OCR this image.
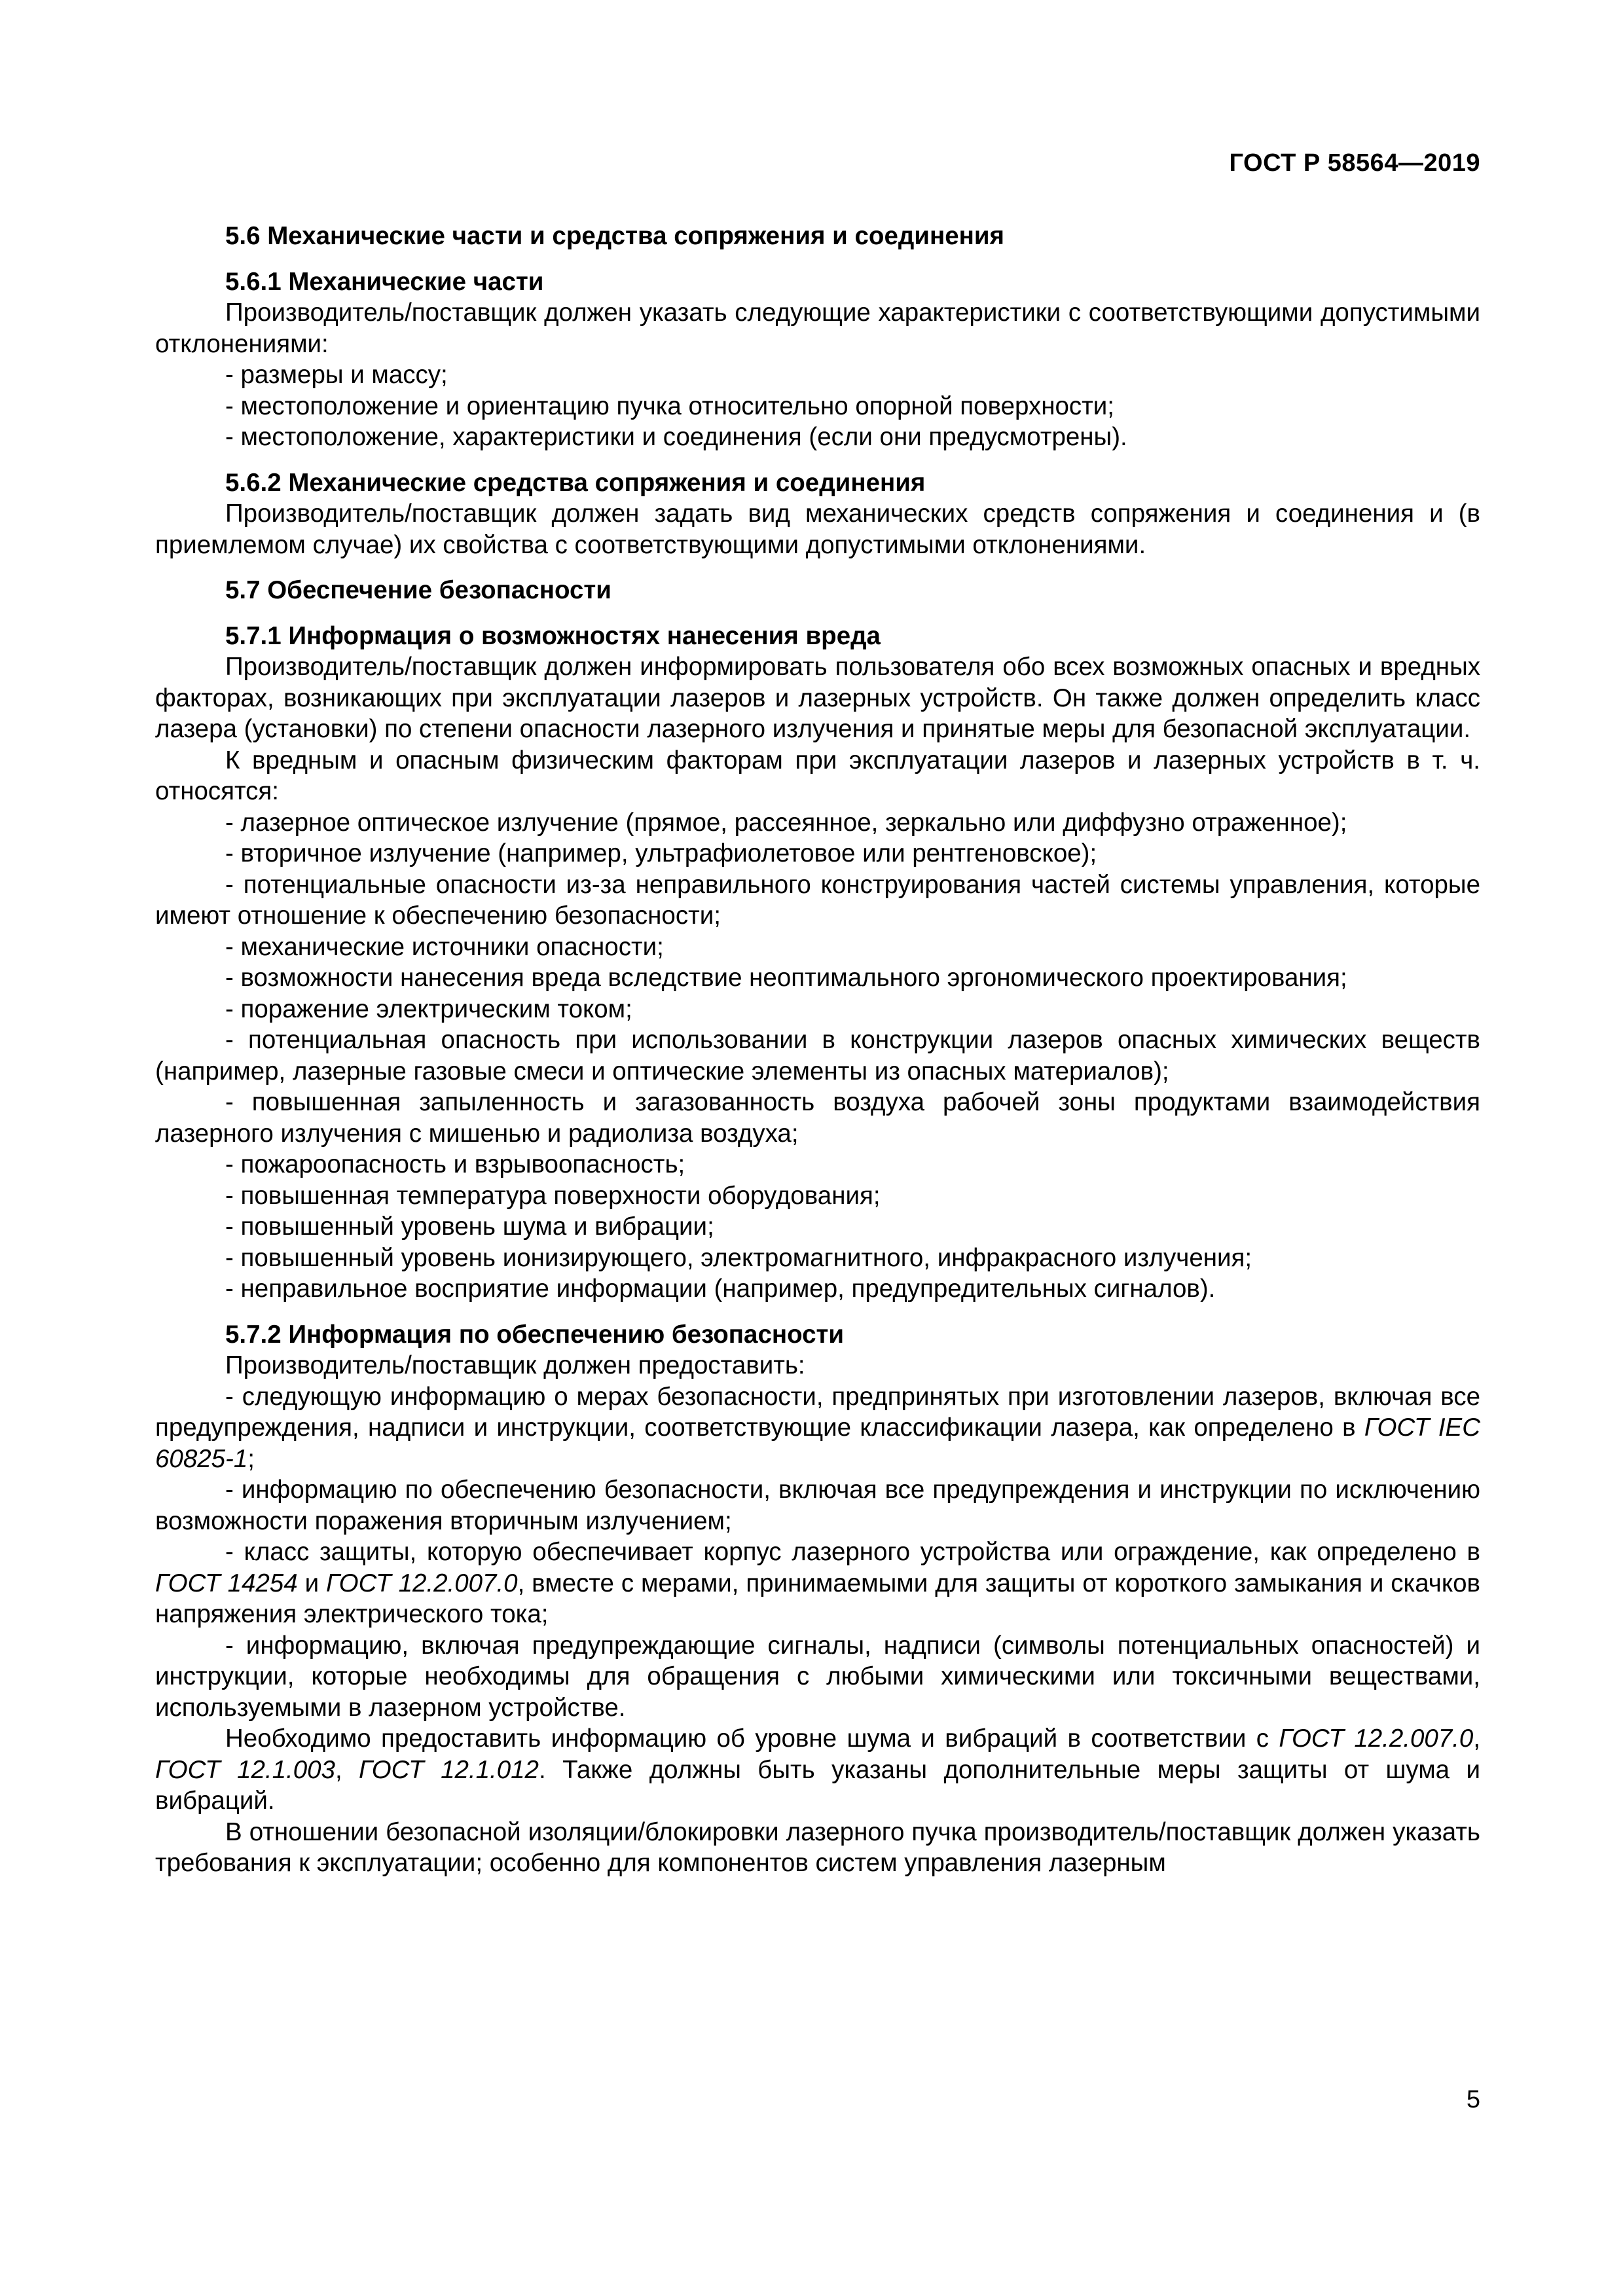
ГОСТ Р 58564—2019

5.6 Механические части и средства сопряжения и соединения

5.6.1 Механические части

Производитель/поставщик должен указать следующие характеристики с соответствующими допустимыми отклонениями:

- размеры и массу;

- местоположение и ориентацию пучка относительно опорной поверхности;

- местоположение, характеристики и соединения (если они предусмотрены).

5.6.2 Механические средства сопряжения и соединения

Производитель/поставщик должен задать вид механических средств сопряжения и соединения и (в приемлемом случае) их свойства с соответствующими допустимыми отклонениями.

5.7 Обеспечение безопасности

5.7.1 Информация о возможностях нанесения вреда

Производитель/поставщик должен информировать пользователя обо всех возможных опасных и вредных факторах, возникающих при эксплуатации лазеров и лазерных устройств. Он также должен определить класс лазера (установки) по степени опасности лазерного излучения и принятые меры для безопасной эксплуатации.

К вредным и опасным физическим факторам при эксплуатации лазеров и лазерных устройств в т. ч. относятся:

- лазерное оптическое излучение (прямое, рассеянное, зеркально или диффузно отраженное);

- вторичное излучение (например, ультрафиолетовое или рентгеновское);

- потенциальные опасности из-за неправильного конструирования частей системы управления, которые имеют отношение к обеспечению безопасности;

- механические источники опасности;

- возможности нанесения вреда вследствие неоптимального эргономического проектирования;

- поражение электрическим током;

- потенциальная опасность при использовании в конструкции лазеров опасных химических веществ (например, лазерные газовые смеси и оптические элементы из опасных материалов);

- повышенная запыленность и загазованность воздуха рабочей зоны продуктами взаимодействия лазерного излучения с мишенью и радиолиза воздуха;

- пожароопасность и взрывоопасность;

- повышенная температура поверхности оборудования;

- повышенный уровень шума и вибрации;

- повышенный уровень ионизирующего, электромагнитного, инфракрасного излучения;

- неправильное восприятие информации (например, предупредительных сигналов).

5.7.2 Информация по обеспечению безопасности

Производитель/поставщик должен предоставить:

- следующую информацию о мерах безопасности, предпринятых при изготовлении лазеров, включая все предупреждения, надписи и инструкции, соответствующие классификации лазера, как определено в ГОСТ IEC 60825-1;

- информацию по обеспечению безопасности, включая все предупреждения и инструкции по исключению возможности поражения вторичным излучением;

- класс защиты, которую обеспечивает корпус лазерного устройства или ограждение, как определено в ГОСТ 14254 и ГОСТ 12.2.007.0, вместе с мерами, принимаемыми для защиты от короткого замыкания и скачков напряжения электрического тока;

- информацию, включая предупреждающие сигналы, надписи (символы потенциальных опасностей) и инструкции, которые необходимы для обращения с любыми химическими или токсичными веществами, используемыми в лазерном устройстве.

Необходимо предоставить информацию об уровне шума и вибраций в соответствии с ГОСТ 12.2.007.0, ГОСТ 12.1.003, ГОСТ 12.1.012. Также должны быть указаны дополнительные меры защиты от шума и вибраций.

В отношении безопасной изоляции/блокировки лазерного пучка производитель/поставщик должен указать требования к эксплуатации; особенно для компонентов систем управления лазерным

5
